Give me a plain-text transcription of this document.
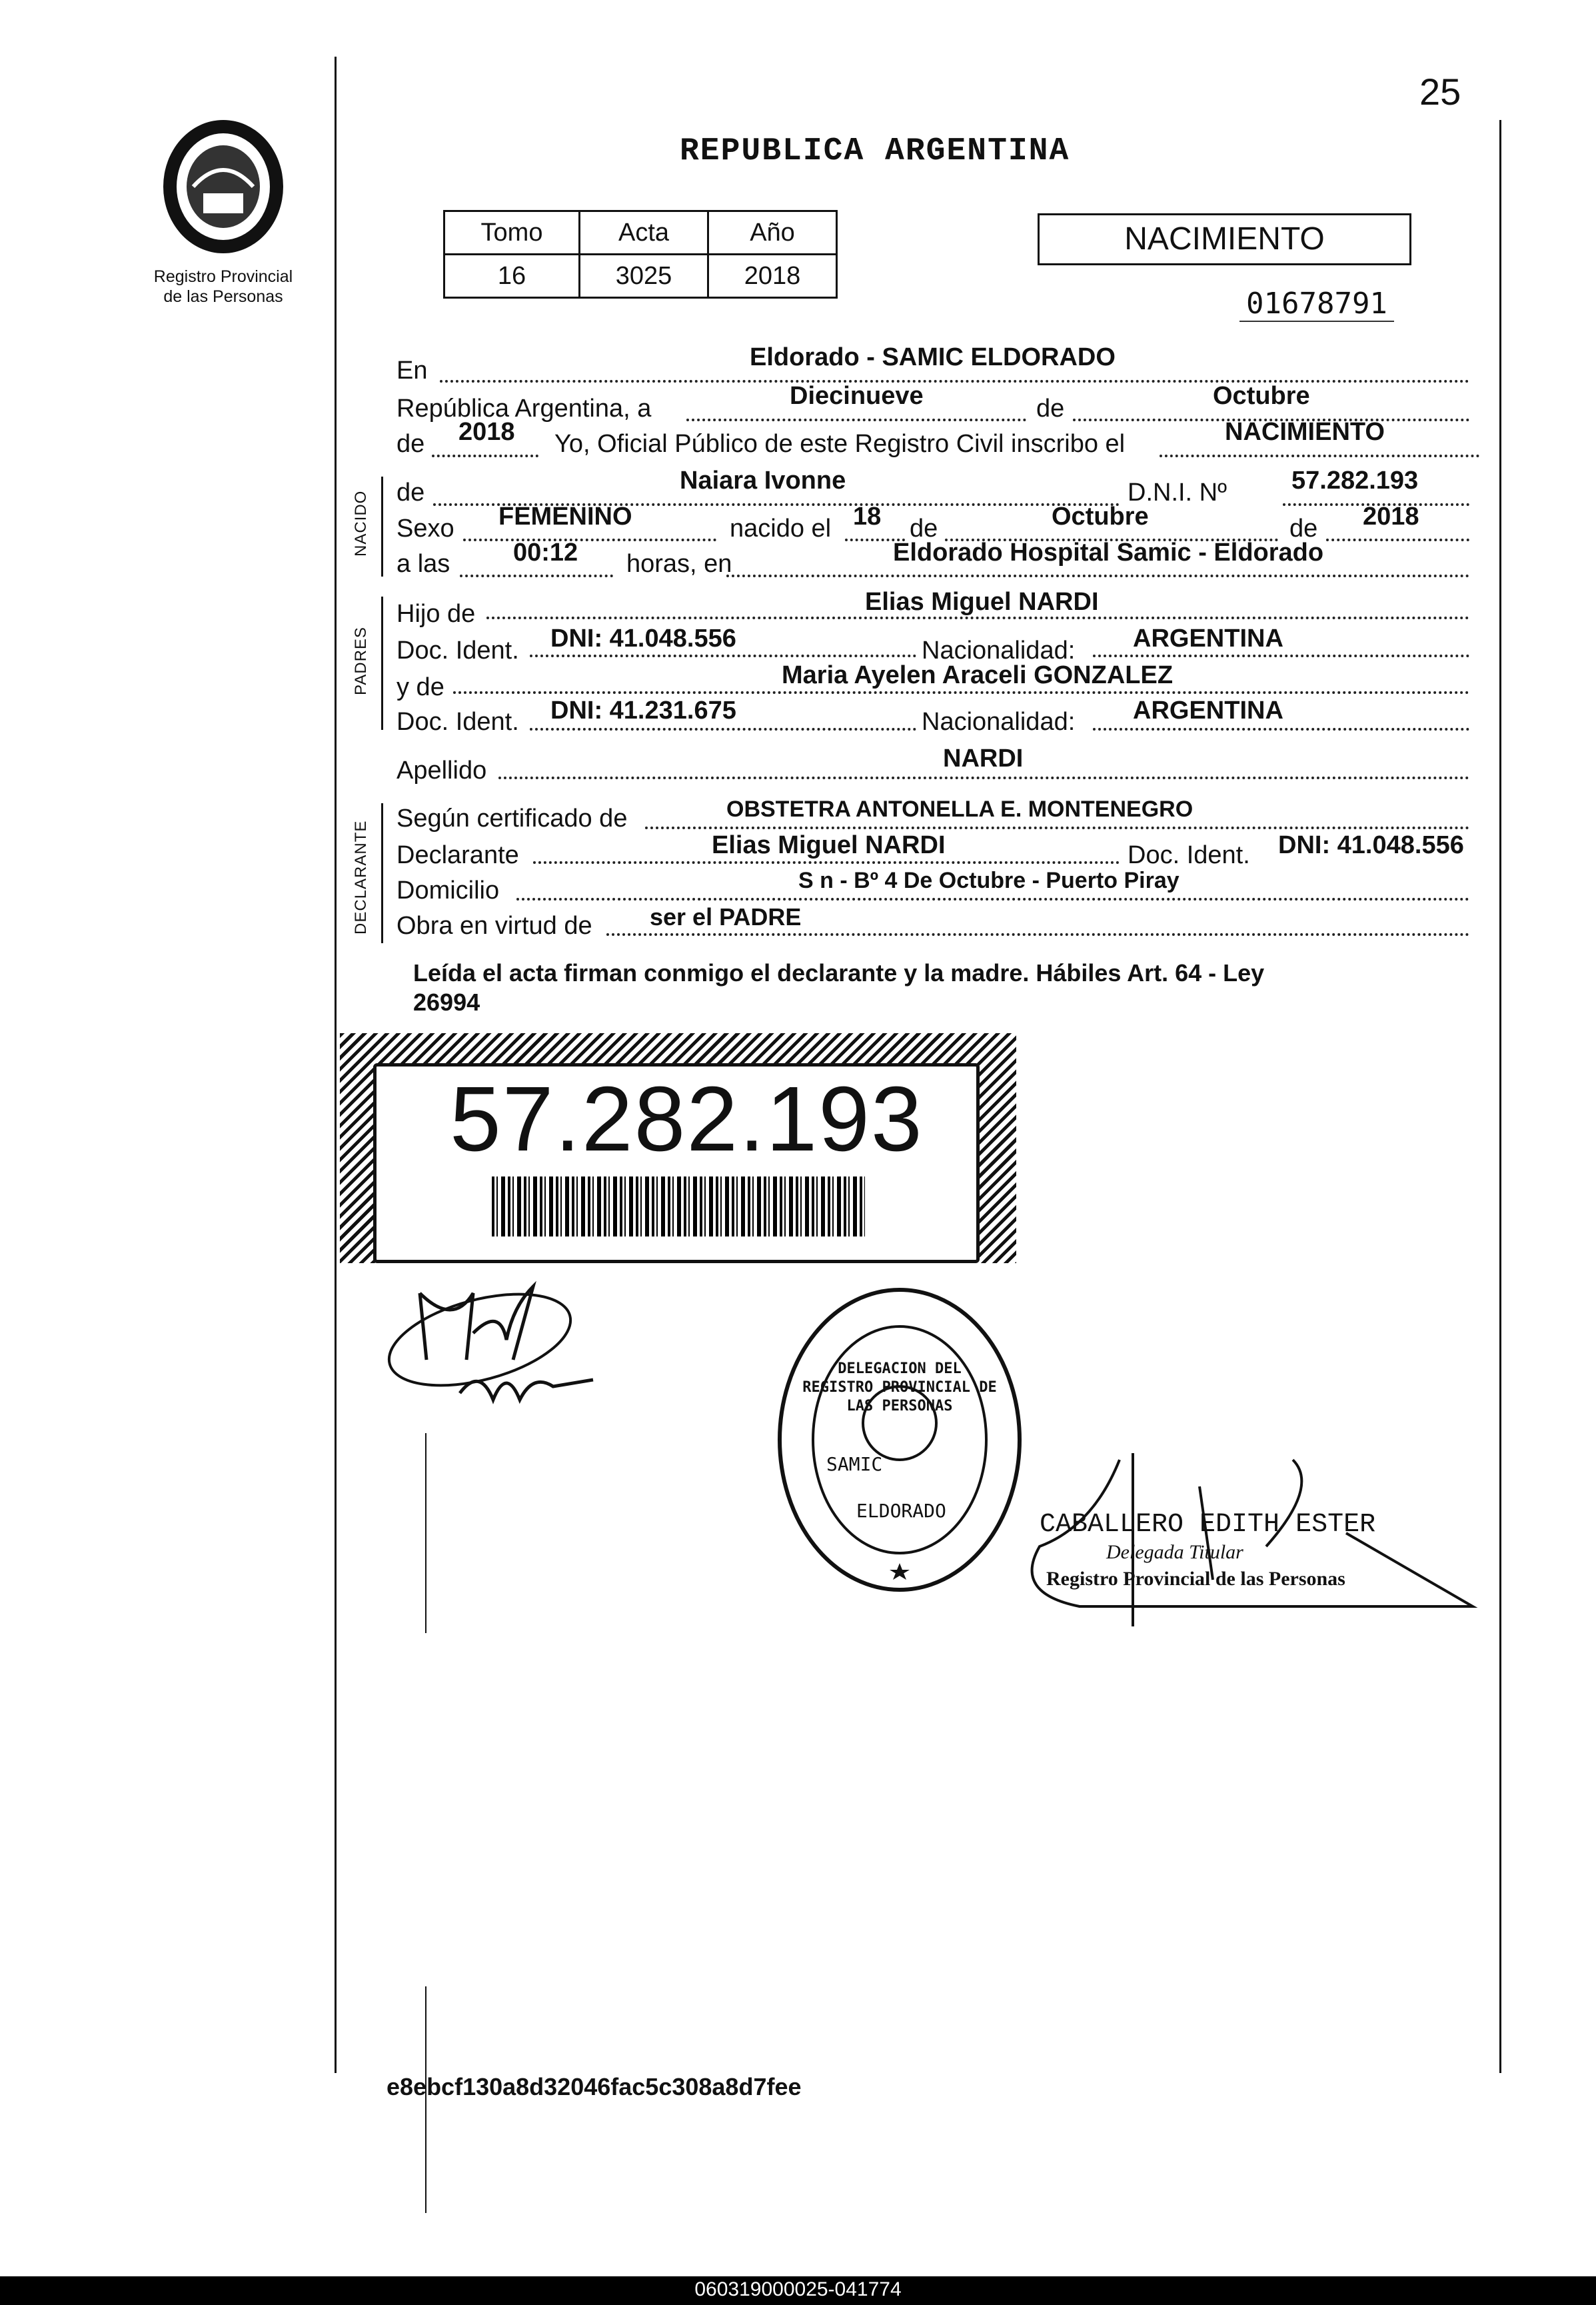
25
Registro Provincial
de las Personas
REPUBLICA ARGENTINA
Tomo	Acta	Año
16	3025	2018
NACIMIENTO
01678791
En	Eldorado - SAMIC ELDORADO
República Argentina, a	Diecinueve	de	Octubre
de 2018 Yo, Oficial Público de este Registro Civil inscribo el	NACIMIENTO
NACIDO de	Naiara Ivonne	D.N.I. Nº	57.282.193
Sexo FEMENINO	nacido el 18 de	Octubre	de 2018
a las 00:12 horas, en	Eldorado Hospital Samic - Eldorado
PADRES
Hijo de	Elias Miguel NARDI
Doc. Ident. DNI: 41.048.556	Nacionalidad: ARGENTINA
y de	Maria Ayelen Araceli GONZALEZ
Doc. Ident. DNI: 41.231.675	Nacionalidad: ARGENTINA
Apellido	NARDI
DECLARANTE
Según certificado de	OBSTETRA ANTONELLA E. MONTENEGRO
Declarante	Elias Miguel NARDI	Doc. Ident. DNI: 41.048.556
Domicilio	S n - Bº 4 De Octubre - Puerto Piray
Obra en virtud de ser el PADRE
Leída el acta firman conmigo el declarante y la madre. Hábiles Art. 64 - Ley
26994
57.282.193
DELEGACION DEL REGISTRO PROVINCIAL DE LAS PERSONAS
SAMIC
ELDORADO	CABALLERO EDITH ESTER
Delegada Titular
Registro Provincial de las Personas
e8ebcf130a8d32046fac5c308a8d7fee
060319000025-041774
